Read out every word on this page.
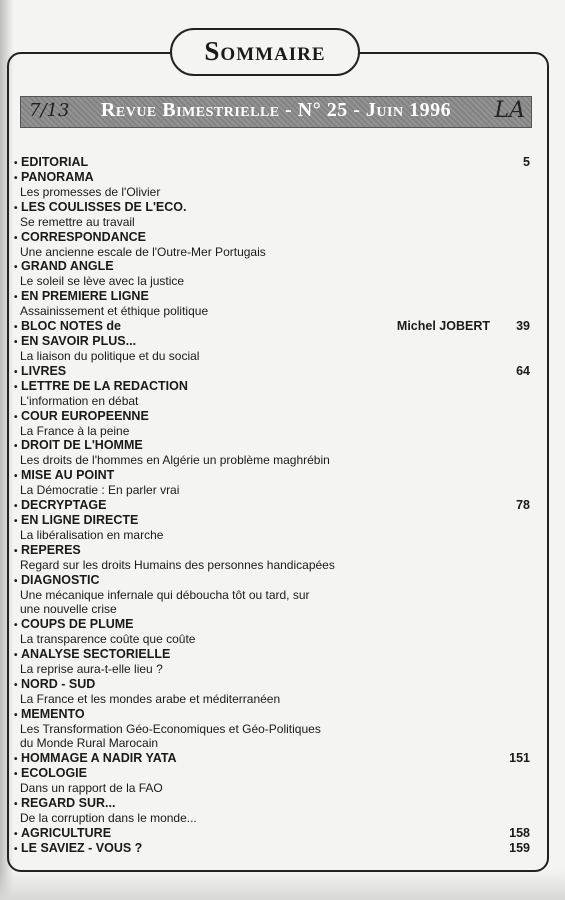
Sommaire
7/13	Revue Bimestrielle - N° 25 - Juin 1996	LA
• EDITORIAL	5
• PANORAMA
Les promesses de l'Olivier
• LES COULISSES DE L'ECO.
Se remettre au travail
• CORRESPONDANCE
Une ancienne escale de l'Outre-Mer Portugais
• GRAND ANGLE
Le soleil se lève avec la justice
• EN PREMIERE LIGNE
Assainissement et éthique politique
• BLOC NOTES de	Michel JOBERT	39
• EN SAVOIR PLUS...
La liaison du politique et du social
• LIVRES	64
• LETTRE DE LA REDACTION
L'information en débat
• COUR EUROPEENNE
La France à la peine
• DROIT DE L'HOMME
Les droits de l'hommes en Algérie un problème maghrébin
• MISE AU POINT
La Démocratie : En parler vrai
• DECRYPTAGE	78
• EN LIGNE DIRECTE
La libéralisation en marche
• REPERES
Regard sur les droits Humains des personnes handicapées
• DIAGNOSTIC
Une mécanique infernale qui déboucha tôt ou tard, sur
une nouvelle crise
• COUPS DE PLUME
La transparence coûte que coûte
• ANALYSE SECTORIELLE
La reprise aura-t-elle lieu ?
• NORD - SUD
La France et les mondes arabe et méditerranéen
• MEMENTO
Les Transformation Géo-Economiques et Géo-Politiques
du Monde Rural Marocain
• HOMMAGE A NADIR YATA	151
• ECOLOGIE
Dans un rapport de la FAO
• REGARD SUR...
De la corruption dans le monde...
• AGRICULTURE	158
• LE SAVIEZ - VOUS ?	159
